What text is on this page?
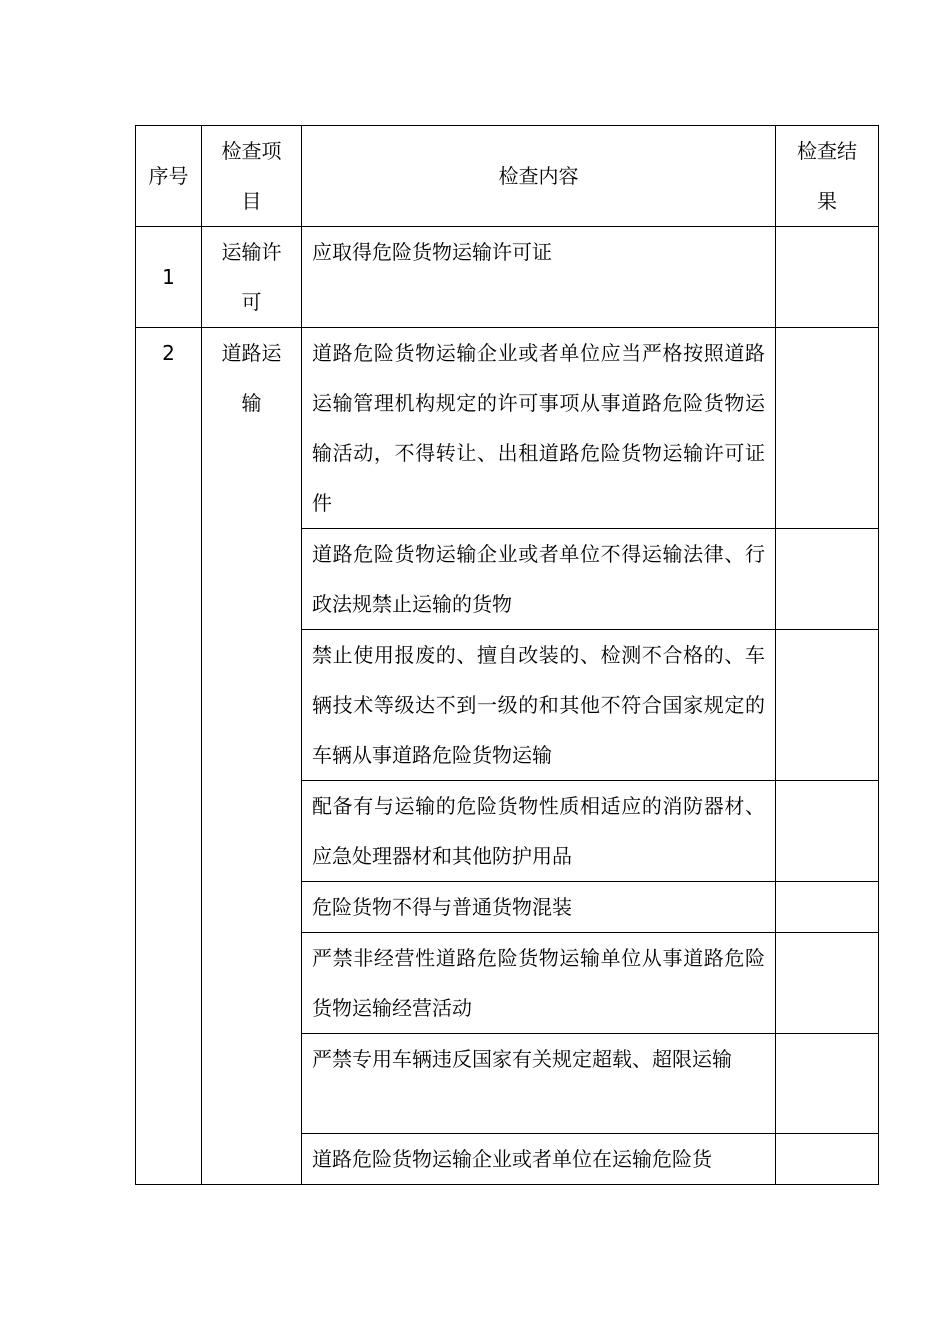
序号	检查项目	检查内容	检查结果
1	运输许可	应取得危险货物运输许可证	
2	道路运输	道路危险货物运输企业或者单位应当严格按照道路运输管理机构规定的许可事项从事道路危险货物运输活动，不得转让、出租道路危险货物运输许可证件	
		道路危险货物运输企业或者单位不得运输法律、行政法规禁止运输的货物	
		禁止使用报废的、擅自改装的、检测不合格的、车辆技术等级达不到一级的和其他不符合国家规定的车辆从事道路危险货物运输	
		配备有与运输的危险货物性质相适应的消防器材、应急处理器材和其他防护用品	
		危险货物不得与普通货物混装	
		严禁非经营性道路危险货物运输单位从事道路危险货物运输经营活动	
		严禁专用车辆违反国家有关规定超载、超限运输	
		道路危险货物运输企业或者单位在运输危险货	
